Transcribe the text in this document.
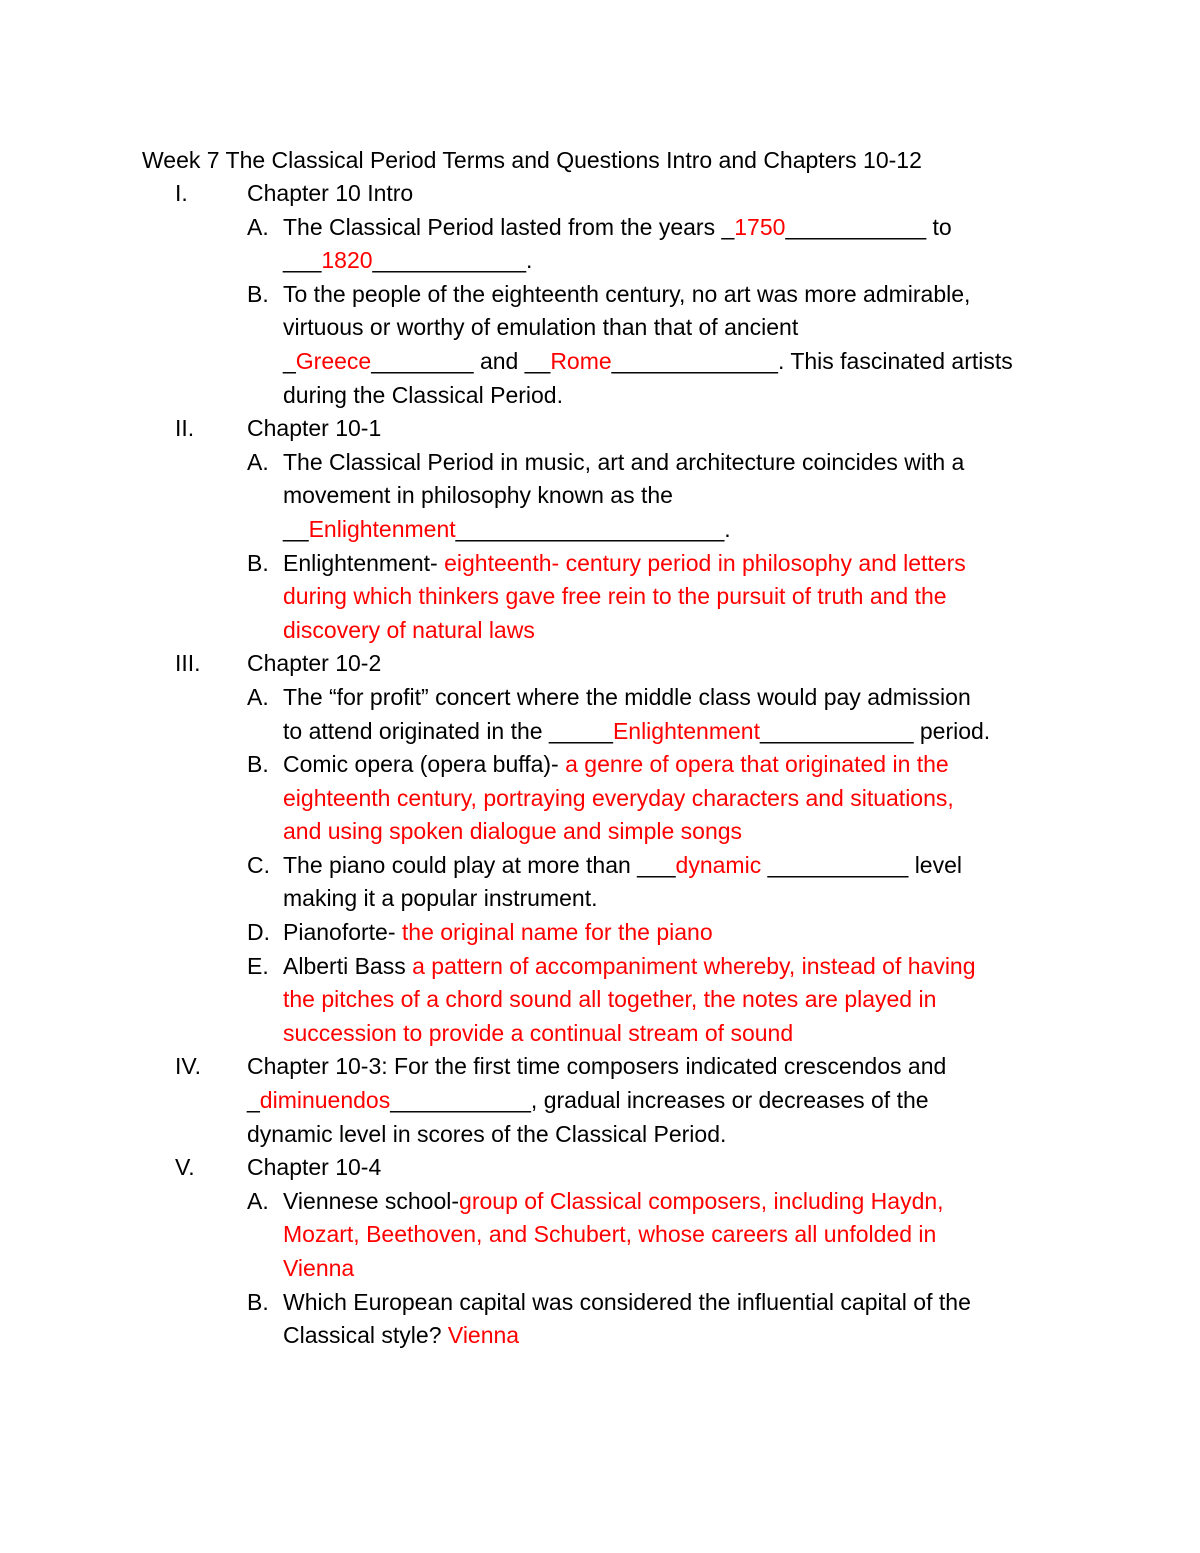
Week 7 The Classical Period Terms and Questions Intro and Chapters 10-12
I.	Chapter 10 Intro
A. The Classical Period lasted from the years _1750___________ to
___1820____________.
B. To the people of the eighteenth century, no art was more admirable,
virtuous or worthy of emulation than that of ancient
_Greece________ and __Rome_____________. This fascinated artists
during the Classical Period.
II. Chapter 10-1
A. The Classical Period in music, art and architecture coincides with a
movement in philosophy known as the
__Enlightenment_____________________.
B. Enlightenment- eighteenth- century period in philosophy and letters
during which thinkers gave free rein to the pursuit of truth and the
discovery of natural laws
III. Chapter 10-2
A. The “for profit” concert where the middle class would pay admission
to attend originated in the _____Enlightenment____________ period.
B. Comic opera (opera buffa)- a genre of opera that originated in the
eighteenth century, portraying everyday characters and situations,
and using spoken dialogue and simple songs
C. The piano could play at more than ___dynamic ___________ level
making it a popular instrument.
D. Pianoforte- the original name for the piano
E. Alberti Bass a pattern of accompaniment whereby, instead of having
the pitches of a chord sound all together, the notes are played in
succession to provide a continual stream of sound
IV. Chapter 10-3: For the first time composers indicated crescendos and
_diminuendos___________, gradual increases or decreases of the
dynamic level in scores of the Classical Period.
V. Chapter 10-4
A. Viennese school-group of Classical composers, including Haydn,
Mozart, Beethoven, and Schubert, whose careers all unfolded in
Vienna
B. Which European capital was considered the influential capital of the
Classical style? Vienna
